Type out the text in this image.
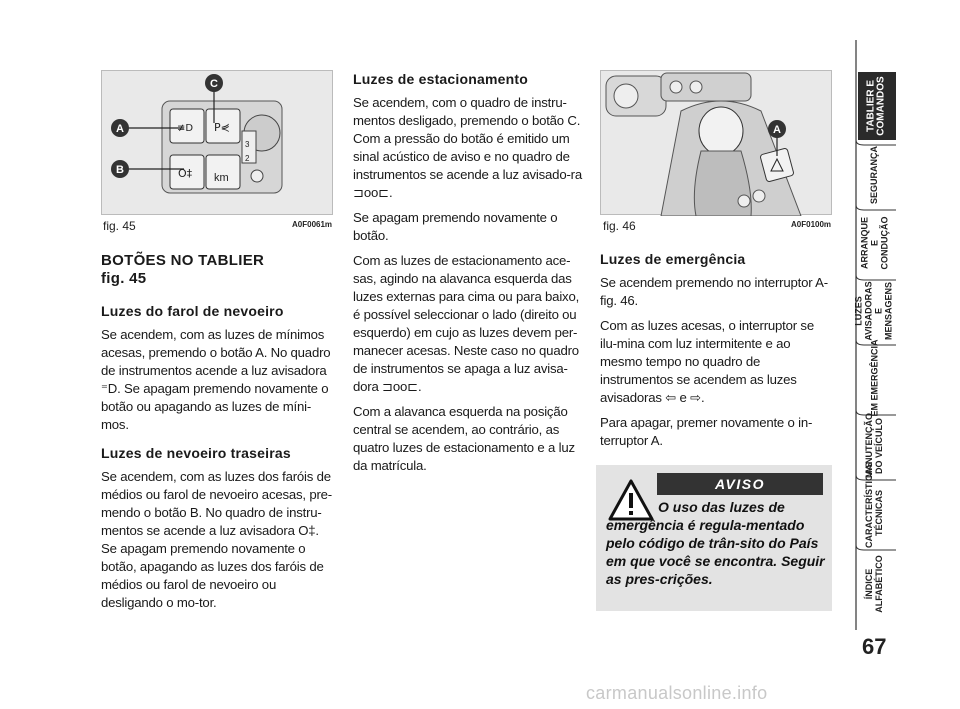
km
≢D P⋞
O‡
3
2
A
B
C
fig. 45	A0F0061m
A
fig. 46	A0F0100m
BOTÕES NO TABLIER
fig. 45
Luzes do farol de nevoeiro

Se acendem, com as luzes de mínimos acesas, premendo o botão A. No quadro de instrumentos acende a luz avisadora ⁼D. Se apagam premendo novamente o botão ou apagando as luzes de míni-mos.

Luzes de nevoeiro traseiras

Se acendem, com as luzes dos faróis de médios ou farol de nevoeiro acesas, pre-mendo o botão B. No quadro de instru-mentos se acende a luz avisadora O‡. Se apagam premendo novamente o botão, apagando as luzes dos faróis de médios ou farol de nevoeiro ou desligando o mo-tor.

Luzes de estacionamento

Se acendem, com o quadro de instru-mentos desligado, premendo o botão C. Com a pressão do botão é emitido um sinal acústico de aviso e no quadro de instrumentos se acende a luz avisado-ra ⊐oo⊏.

Se apagam premendo novamente o botão.

Com as luzes de estacionamento ace-sas, agindo na alavanca esquerda das luzes externas para cima ou para baixo, é possível seleccionar o lado (direito ou esquerdo) em cujo as luzes devem per-manecer acesas. Neste caso no quadro de instrumentos se apaga a luz avisa-dora ⊐oo⊏.

Com a alavanca esquerda na posição central se acendem, ao contrário, as quatro luzes de estacionamento e a luz da matrícula.

Luzes de emergência

Se acendem premendo no interruptor A-fig. 46.

Com as luzes acesas, o interruptor se ilu-mina com luz intermitente e ao mesmo tempo no quadro de instrumentos se acendem as luzes avisadoras ⇦ e ⇨.

Para apagar, premer novamente o in-terruptor A.

AVISO
O uso das luzes de emergência é regula-mentado pelo código de trân-sito do País em que você se encontra. Seguir as pres-crições.
TABLIER E COMANDOS
SEGURANÇA
ARRANQUE E CONDUÇÃO
LUZES AVISADORAS E MENSAGENS
EM EMERGÊNCIA
MANUTENÇÃO DO VEÍCULO
CARACTERÍSTICAS TÉCNICAS
ÍNDICE ALFABÉTICO
67
carmanualsonline.info
